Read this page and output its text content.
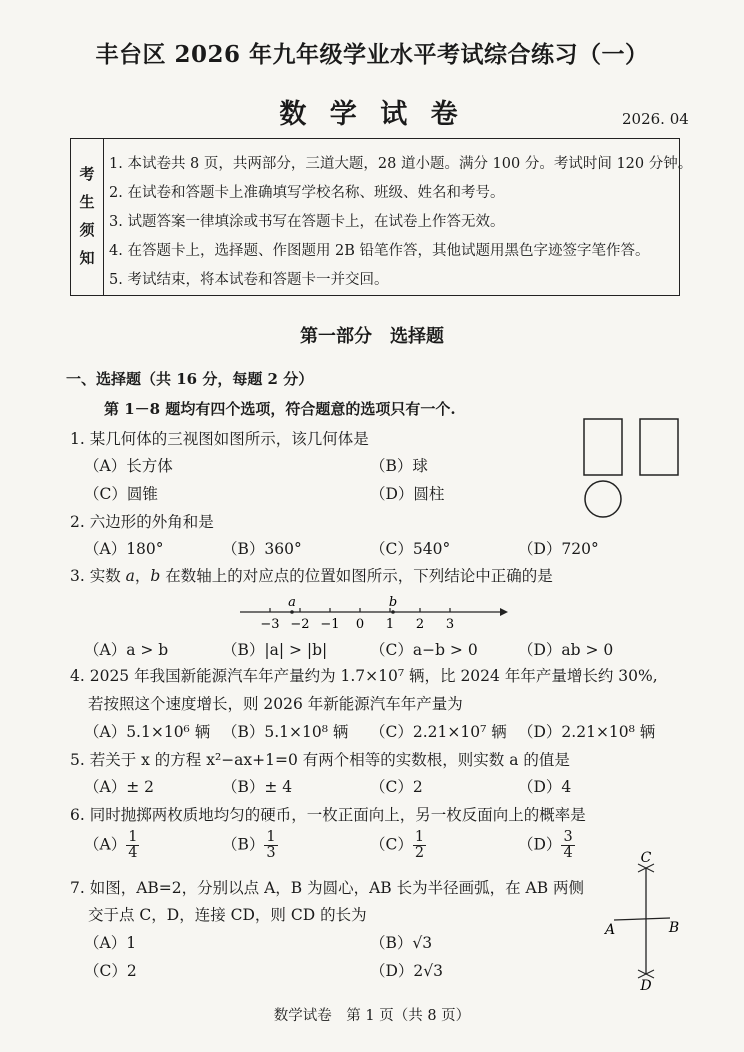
丰台区 2026 年九年级学业水平考试综合练习（一）
数 学 试 卷	2026. 04
考
生
须
知
1. 本试卷共 8 页，共两部分，三道大题，28 道小题。满分 100 分。考试时间 120 分钟。
2. 在试卷和答题卡上准确填写学校名称、班级、姓名和考号。
3. 试题答案一律填涂或书写在答题卡上，在试卷上作答无效。
4. 在答题卡上，选择题、作图题用 2B 铅笔作答，其他试题用黑色字迹签字笔作答。
5. 考试结束，将本试卷和答题卡一并交回。
第一部分　选择题
一、选择题（共 16 分，每题 2 分）
第 1－8 题均有四个选项，符合题意的选项只有一个.
1. 某几何体的三视图如图所示，该几何体是
（A）长方体	（B）球
（C）圆锥	（D）圆柱
2. 六边形的外角和是
（A）180°	（B）360°	（C）540°	（D）720°
3. 实数 a，b 在数轴上的对应点的位置如图所示，下列结论中正确的是
−3 −2 −1 0 1 2 3
a	b
（A）a > b	（B）|a| > |b|	（C）a−b > 0	（D）ab > 0
4. 2025 年我国新能源汽车年产量约为 1.7×10⁷ 辆，比 2024 年年产量增长约 30%,
若按照这个速度增长，则 2026 年新能源汽车年产量为
（A）5.1×10⁶ 辆 （B）5.1×10⁸ 辆 （C）2.21×10⁷ 辆 （D）2.21×10⁸ 辆
5. 若关于 x 的方程 x²−ax+1=0 有两个相等的实数根，则实数 a 的值是
（A）± 2	（B）± 4	（C）2	（D）4
6. 同时抛掷两枚质地均匀的硬币，一枚正面向上，另一枚反面向上的概率是
$(A) \frac{1}{4}$	$(B) \frac{1}{3}$	$(C) \frac{1}{2}$	$(D) \frac{3}{4}$
7. 如图，AB=2，分别以点 A，B 为圆心，AB 长为半径画弧，在 AB 两侧
交于点 C，D，连接 CD，则 CD 的长为
（A）1	（B）√3
（C）2	（D）2√3
C
A	B
D
数学试卷　第 1 页（共 8 页）
